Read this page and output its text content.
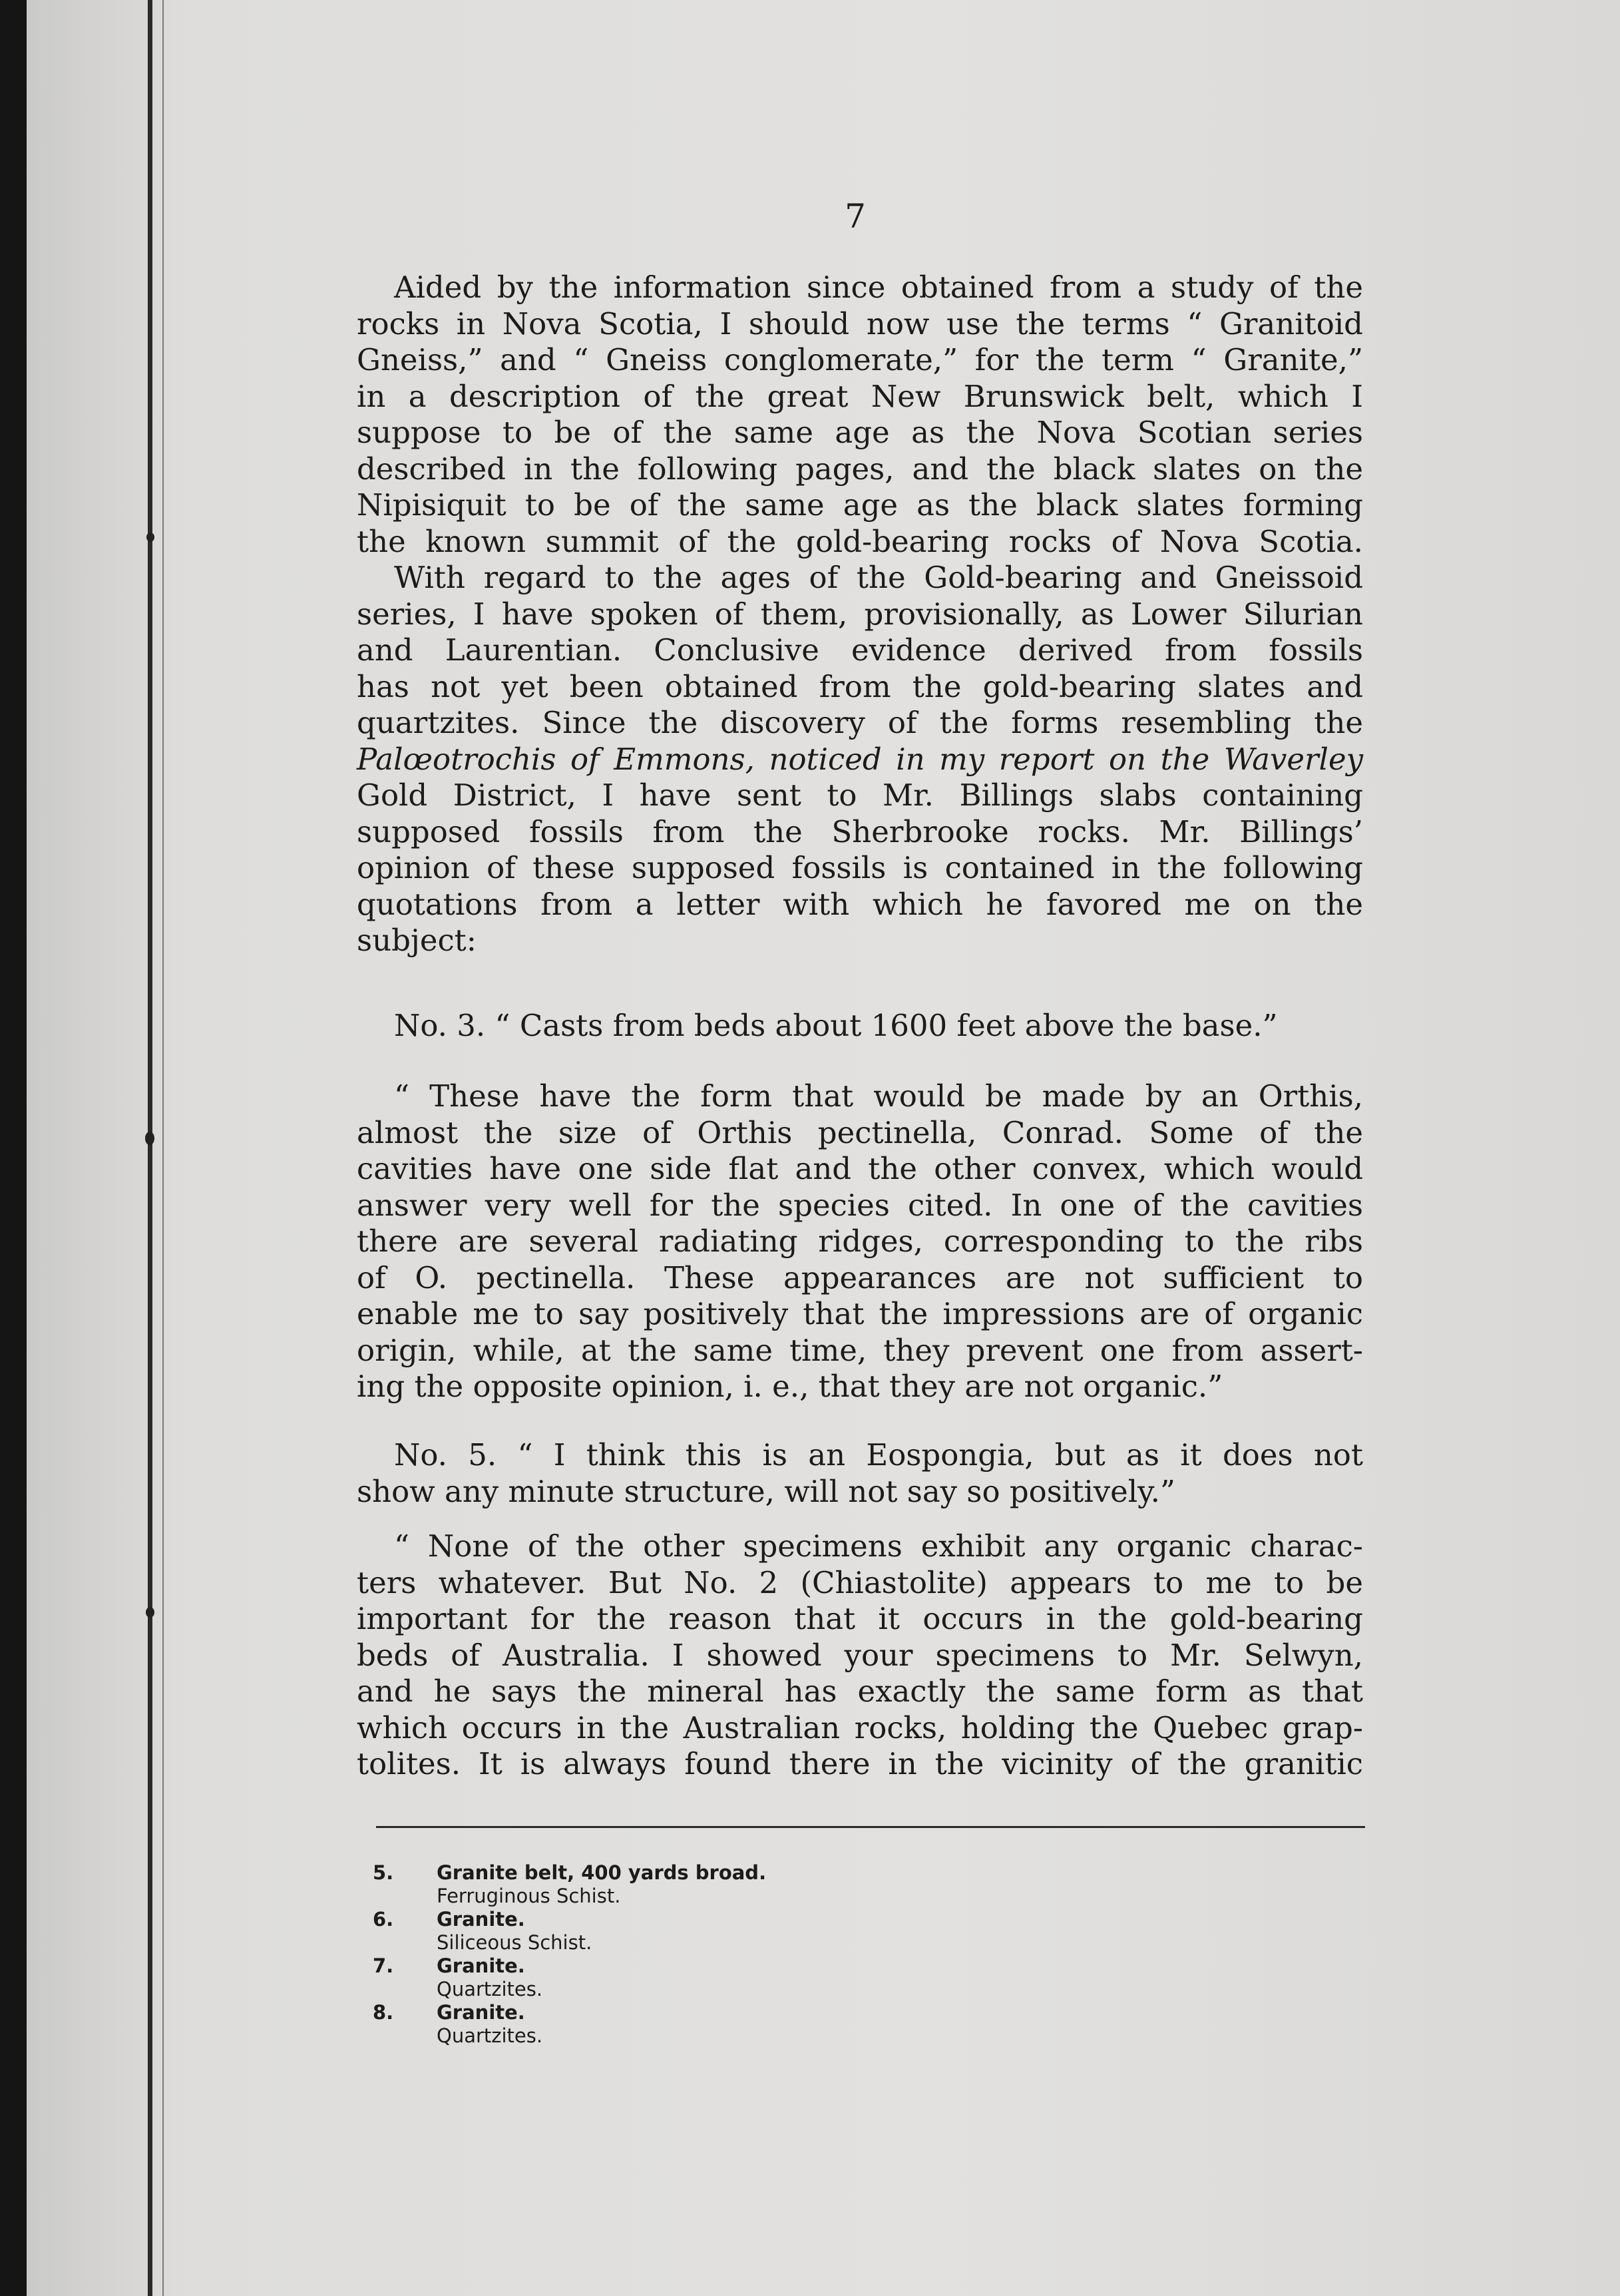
7

Aided by the information since obtained from a study of the

rocks in Nova Scotia, I should now use the terms “ Granitoid

Gneiss,” and “ Gneiss conglomerate,” for the term “ Granite,”

in a description of the great New Brunswick belt, which I

suppose to be of the same age as the Nova Scotian series

described in the following pages, and the black slates on the

Nipisiquit to be of the same age as the black slates forming

the known summit of the gold-bearing rocks of Nova Scotia.

With regard to the ages of the Gold-bearing and Gneissoid

series, I have spoken of them, provisionally, as Lower Silurian

and Laurentian. Conclusive evidence derived from fossils

has not yet been obtained from the gold-bearing slates and

quartzites. Since the discovery of the forms resembling the

Palœotrochis of Emmons, noticed in my report on the Waverley

Gold District, I have sent to Mr. Billings slabs containing

supposed fossils from the Sherbrooke rocks. Mr. Billings’

opinion of these supposed fossils is contained in the following

quotations from a letter with which he favored me on the

subject:

No. 3. “ Casts from beds about 1600 feet above the base.”

“ These have the form that would be made by an Orthis,

almost the size of Orthis pectinella, Conrad. Some of the

cavities have one side flat and the other convex, which would

answer very well for the species cited. In one of the cavities

there are several radiating ridges, corresponding to the ribs

of O. pectinella. These appearances are not sufficient to

enable me to say positively that the impressions are of organic

origin, while, at the same time, they prevent one from assert-

ing the opposite opinion, i. e., that they are not organic.”

No. 5. “ I think this is an Eospongia, but as it does not

show any minute structure, will not say so positively.”

“ None of the other specimens exhibit any organic charac-

ters whatever. But No. 2 (Chiastolite) appears to me to be

important for the reason that it occurs in the gold-bearing

beds of Australia. I showed your specimens to Mr. Selwyn,

and he says the mineral has exactly the same form as that

which occurs in the Australian rocks, holding the Quebec grap-

tolites. It is always found there in the vicinity of the granitic

5.	Granite belt, 400 yards broad.
Ferruginous Schist.
6.	Granite.
Siliceous Schist.
7.	Granite.
Quartzites.
8.	Granite.
Quartzites.
